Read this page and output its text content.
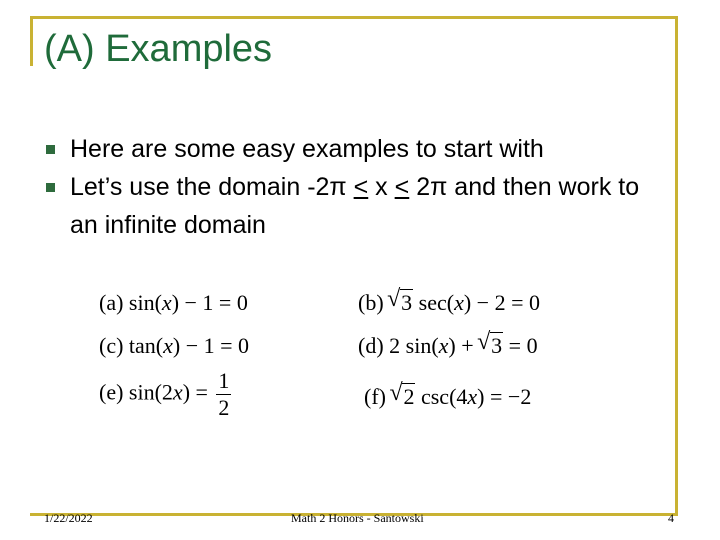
(A) Examples
Here are some easy examples to start with
Let’s use the domain -2π ≤ x ≤ 2π and then work to an infinite domain
(a) sin(x) − 1 = 0	(b) √ 3 sec(x) − 2 = 0
(c) tan(x) − 1 = 0	(d) 2 sin(x) + √ 3 = 0
(e) $\sin(2x) = \frac{1}{2}$	(f) √ 2 csc(4x) = −2
1/22/2022	Math 2 Honors - Santowski	4
